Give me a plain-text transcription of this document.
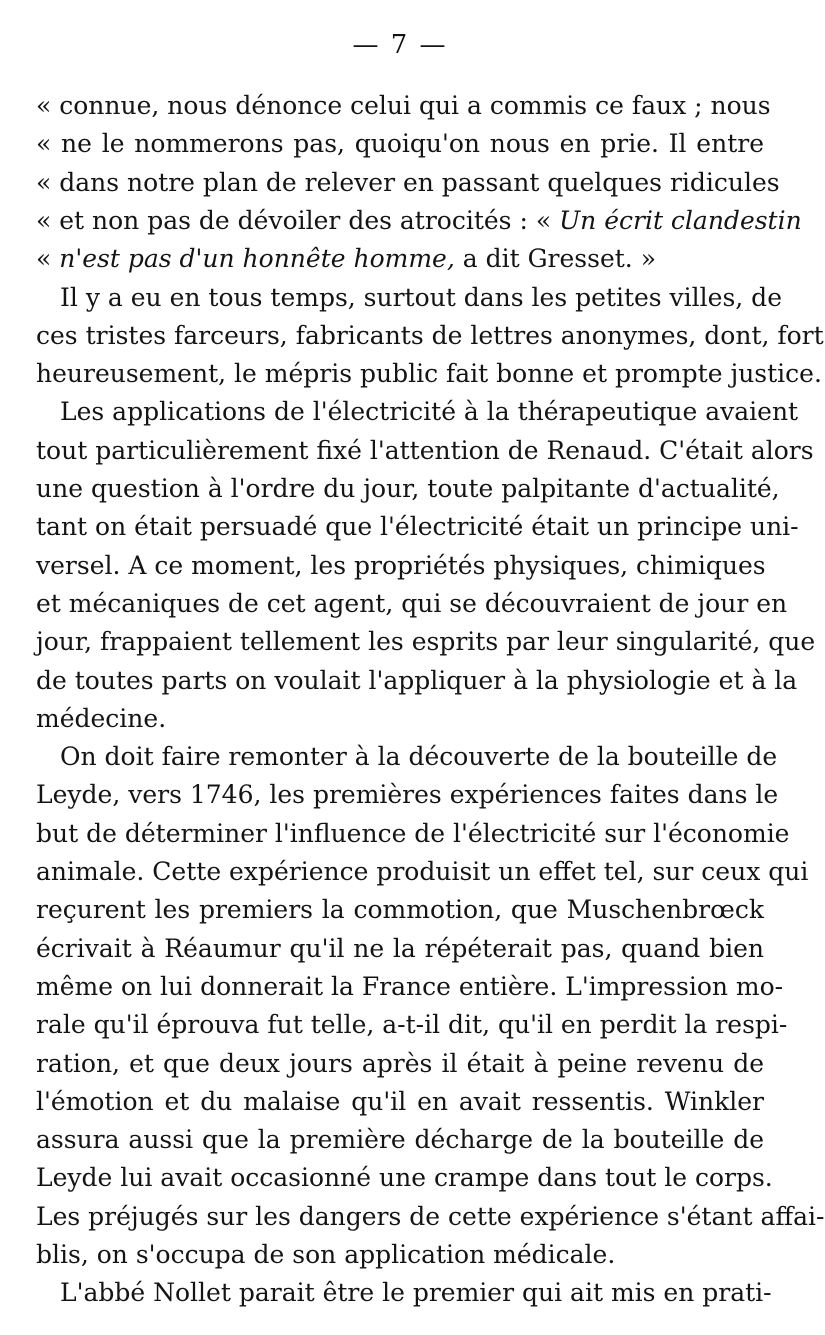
— 7 —
« connue, nous dénonce celui qui a commis ce faux ; nous
« ne le nommerons pas, quoiqu'on nous en prie. Il entre
« dans notre plan de relever en passant quelques ridicules
« et non pas de dévoiler des atrocités : « Un écrit clandestin
« n'est pas d'un honnête homme, a dit Gresset. »
Il y a eu en tous temps, surtout dans les petites villes, de
ces tristes farceurs, fabricants de lettres anonymes, dont, fort
heureusement, le mépris public fait bonne et prompte justice.
Les applications de l'électricité à la thérapeutique avaient
tout particulièrement fixé l'attention de Renaud. C'était alors
une question à l'ordre du jour, toute palpitante d'actualité,
tant on était persuadé que l'électricité était un principe uni-
versel. A ce moment, les propriétés physiques, chimiques
et mécaniques de cet agent, qui se découvraient de jour en
jour, frappaient tellement les esprits par leur singularité, que
de toutes parts on voulait l'appliquer à la physiologie et à la
médecine.
On doit faire remonter à la découverte de la bouteille de
Leyde, vers 1746, les premières expériences faites dans le
but de déterminer l'influence de l'électricité sur l'économie
animale. Cette expérience produisit un effet tel, sur ceux qui
reçurent les premiers la commotion, que Muschenbrœck
écrivait à Réaumur qu'il ne la répéterait pas, quand bien
même on lui donnerait la France entière. L'impression mo-
rale qu'il éprouva fut telle, a-t-il dit, qu'il en perdit la respi-
ration, et que deux jours après il était à peine revenu de
l'émotion et du malaise qu'il en avait ressentis. Winkler
assura aussi que la première décharge de la bouteille de
Leyde lui avait occasionné une crampe dans tout le corps.
Les préjugés sur les dangers de cette expérience s'étant affai-
blis, on s'occupa de son application médicale.
L'abbé Nollet parait être le premier qui ait mis en prati-
